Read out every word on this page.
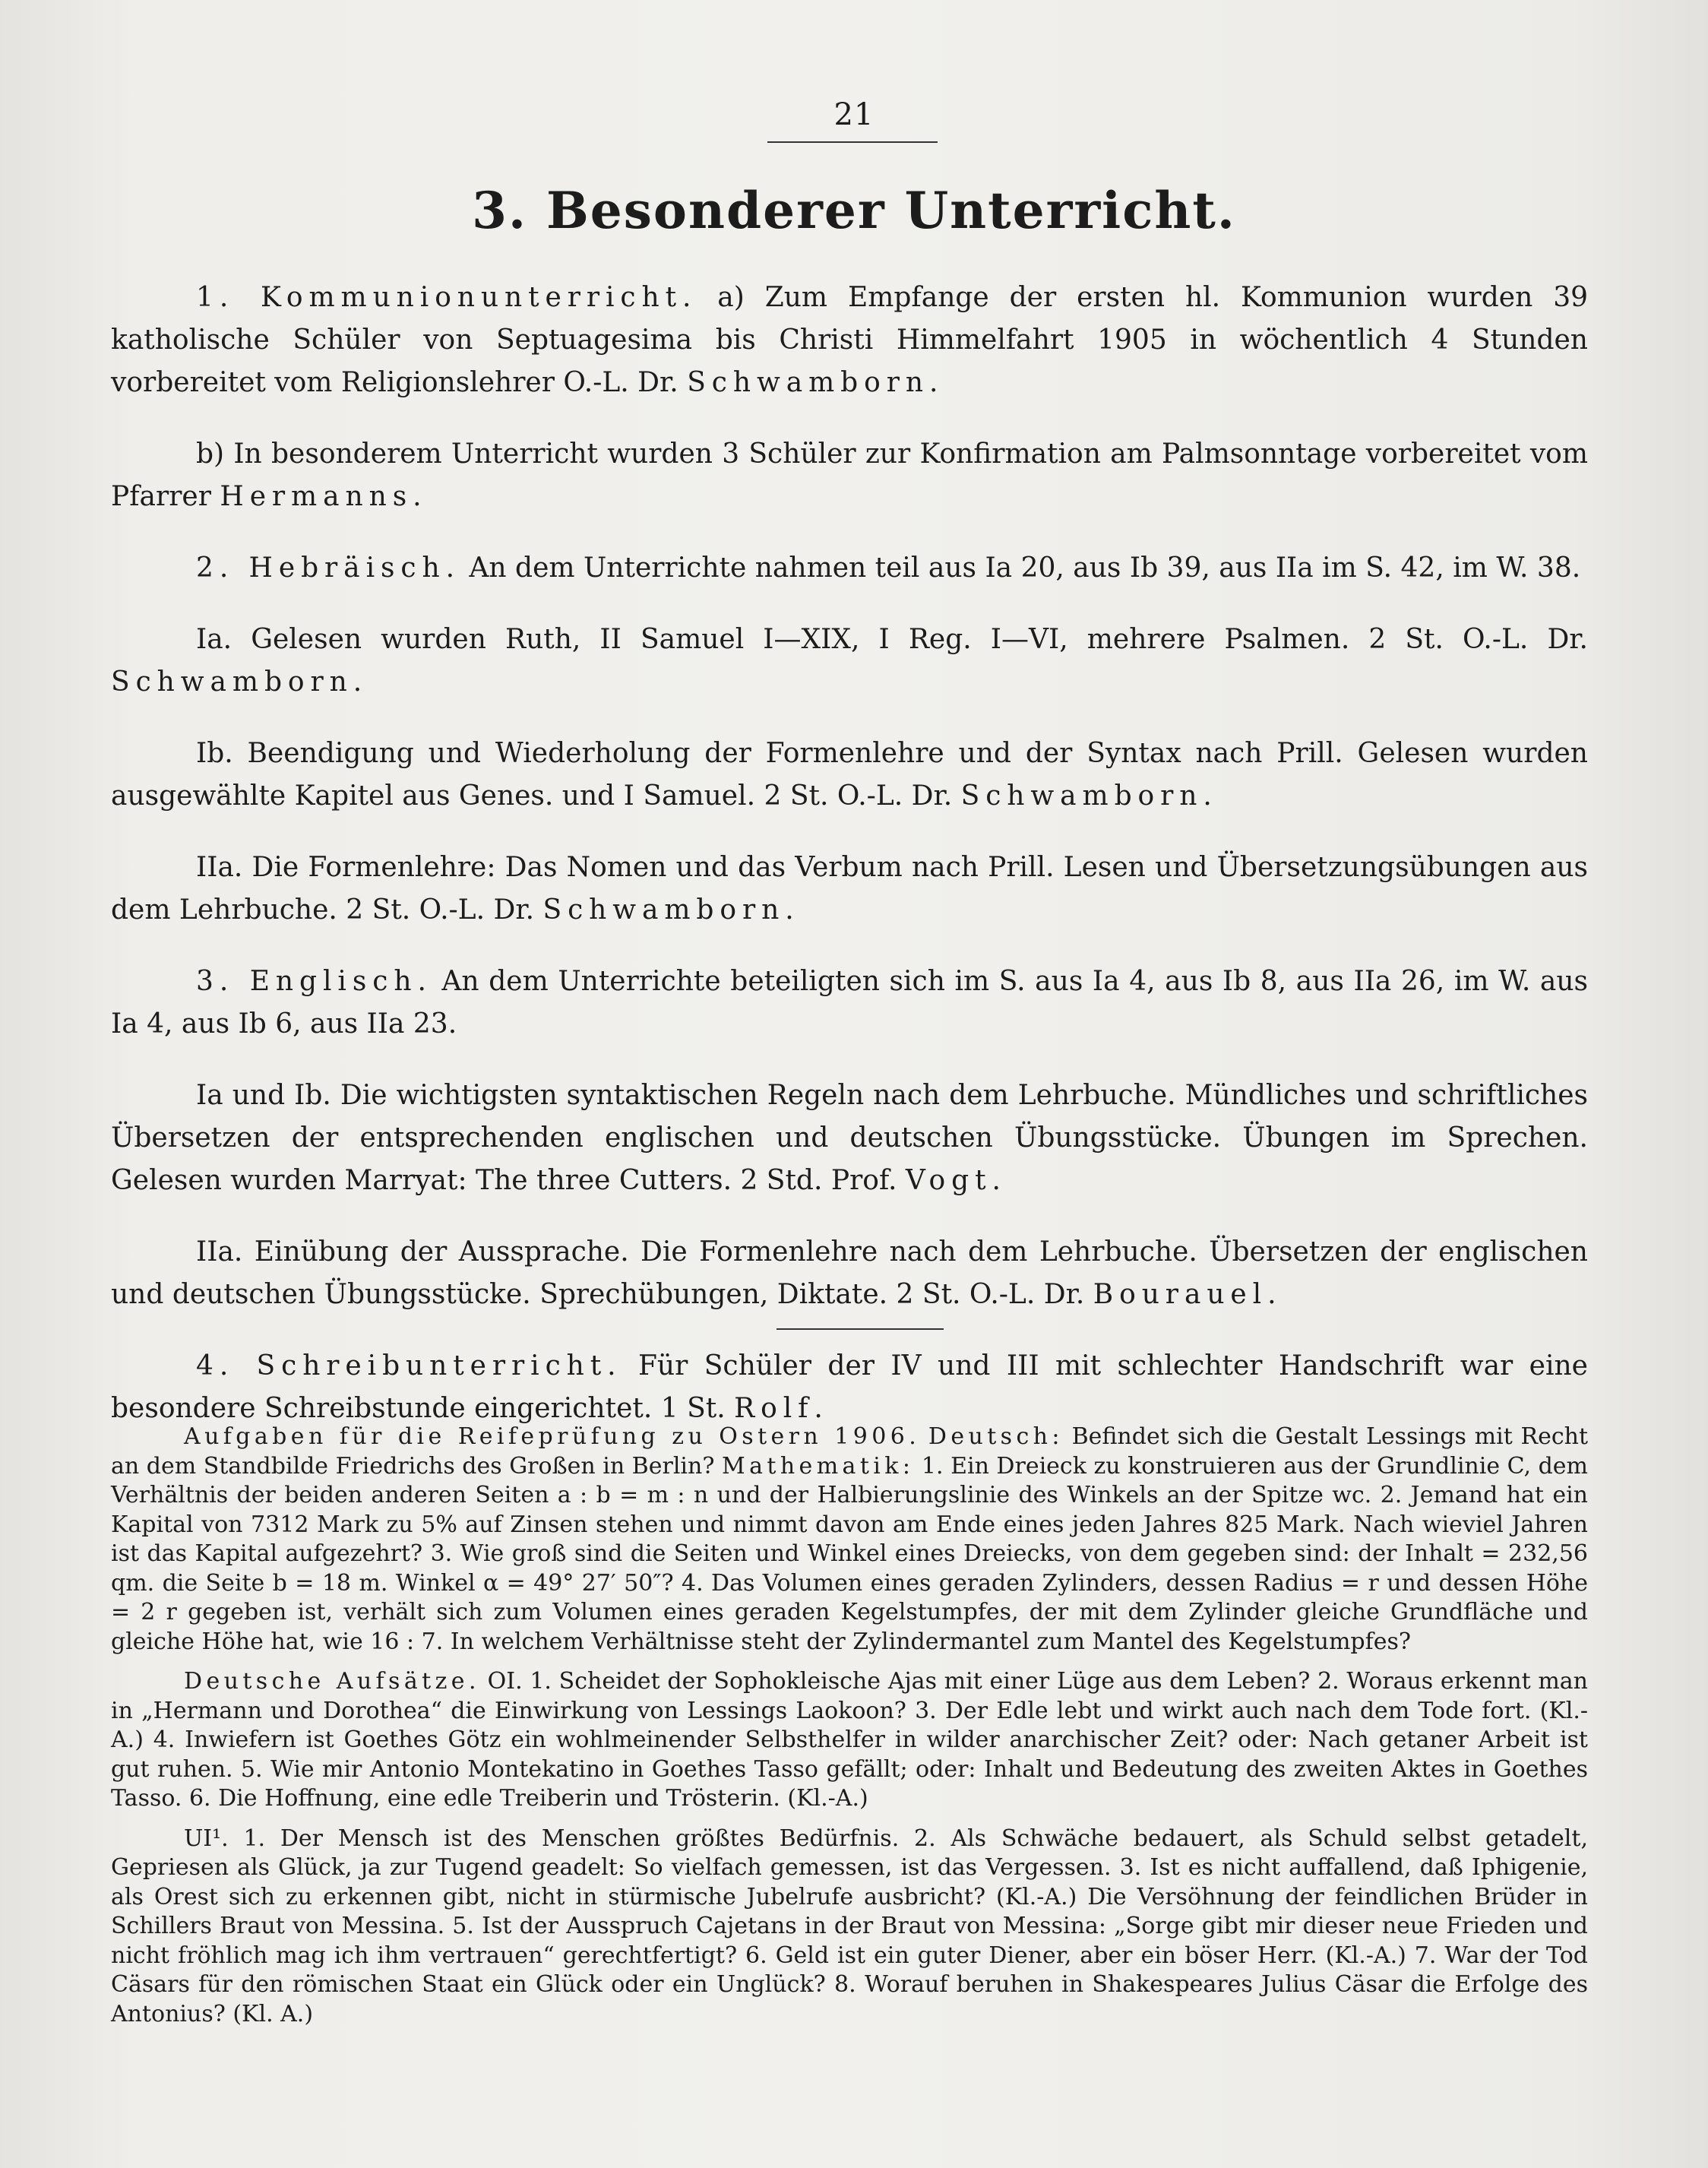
21
3. Besonderer Unterricht.

1. Kommunionunterricht. a) Zum Empfange der ersten hl. Kommunion wurden 39 katholische Schüler von Septuagesima bis Christi Himmelfahrt 1905 in wöchentlich 4 Stunden vorbereitet vom Religionslehrer O.-L. Dr. Schwamborn.

b) In besonderem Unterricht wurden 3 Schüler zur Konfirmation am Palmsonntage vorbereitet vom Pfarrer Hermanns.

2. Hebräisch. An dem Unterrichte nahmen teil aus Ia 20, aus Ib 39, aus IIa im S. 42, im W. 38.

Ia. Gelesen wurden Ruth, II Samuel I—XIX, I Reg. I—VI, mehrere Psalmen. 2 St. O.-L. Dr. Schwamborn.

Ib. Beendigung und Wiederholung der Formenlehre und der Syntax nach Prill. Gelesen wurden ausgewählte Kapitel aus Genes. und I Samuel. 2 St. O.-L. Dr. Schwamborn.

IIa. Die Formenlehre: Das Nomen und das Verbum nach Prill. Lesen und Übersetzungsübungen aus dem Lehrbuche. 2 St. O.-L. Dr. Schwamborn.

3. Englisch. An dem Unterrichte beteiligten sich im S. aus Ia 4, aus Ib 8, aus IIa 26, im W. aus Ia 4, aus Ib 6, aus IIa 23.

Ia und Ib. Die wichtigsten syntaktischen Regeln nach dem Lehrbuche. Mündliches und schriftliches Übersetzen der entsprechenden englischen und deutschen Übungsstücke. Übungen im Sprechen. Gelesen wurden Marryat: The three Cutters. 2 Std. Prof. Vogt.

IIa. Einübung der Aussprache. Die Formenlehre nach dem Lehrbuche. Übersetzen der englischen und deutschen Übungsstücke. Sprechübungen, Diktate. 2 St. O.-L. Dr. Bourauel.

4. Schreibunterricht. Für Schüler der IV und III mit schlechter Handschrift war eine besondere Schreibstunde eingerichtet. 1 St. Rolf.

Aufgaben für die Reifeprüfung zu Ostern 1906. Deutsch: Befindet sich die Gestalt Lessings mit Recht an dem Standbilde Friedrichs des Großen in Berlin? Mathematik: 1. Ein Dreieck zu konstruieren aus der Grundlinie C, dem Verhältnis der beiden anderen Seiten a : b = m : n und der Halbierungslinie des Winkels an der Spitze wc. 2. Jemand hat ein Kapital von 7312 Mark zu 5% auf Zinsen stehen und nimmt davon am Ende eines jeden Jahres 825 Mark. Nach wieviel Jahren ist das Kapital aufgezehrt? 3. Wie groß sind die Seiten und Winkel eines Dreiecks, von dem gegeben sind: der Inhalt = 232,56 qm. die Seite b = 18 m. Winkel α = 49° 27′ 50″? 4. Das Volumen eines geraden Zylinders, dessen Radius = r und dessen Höhe = 2 r gegeben ist, verhält sich zum Volumen eines geraden Kegelstumpfes, der mit dem Zylinder gleiche Grundfläche und gleiche Höhe hat, wie 16 : 7. In welchem Verhältnisse steht der Zylindermantel zum Mantel des Kegelstumpfes?

Deutsche Aufsätze. OI. 1. Scheidet der Sophokleische Ajas mit einer Lüge aus dem Leben? 2. Woraus erkennt man in „Hermann und Dorothea“ die Einwirkung von Lessings Laokoon? 3. Der Edle lebt und wirkt auch nach dem Tode fort. (Kl.-A.) 4. Inwiefern ist Goethes Götz ein wohlmeinender Selbsthelfer in wilder anarchischer Zeit? oder: Nach getaner Arbeit ist gut ruhen. 5. Wie mir Antonio Montekatino in Goethes Tasso gefällt; oder: Inhalt und Bedeutung des zweiten Aktes in Goethes Tasso. 6. Die Hoffnung, eine edle Treiberin und Trösterin. (Kl.-A.)

UI¹. 1. Der Mensch ist des Menschen größtes Bedürfnis. 2. Als Schwäche bedauert, als Schuld selbst getadelt, Gepriesen als Glück, ja zur Tugend geadelt: So vielfach gemessen, ist das Vergessen. 3. Ist es nicht auffallend, daß Iphigenie, als Orest sich zu erkennen gibt, nicht in stürmische Jubelrufe ausbricht? (Kl.-A.) Die Versöhnung der feindlichen Brüder in Schillers Braut von Messina. 5. Ist der Ausspruch Cajetans in der Braut von Messina: „Sorge gibt mir dieser neue Frieden und nicht fröhlich mag ich ihm vertrauen“ gerechtfertigt? 6. Geld ist ein guter Diener, aber ein böser Herr. (Kl.-A.) 7. War der Tod Cäsars für den römischen Staat ein Glück oder ein Unglück? 8. Worauf beruhen in Shakespeares Julius Cäsar die Erfolge des Antonius? (Kl. A.)
